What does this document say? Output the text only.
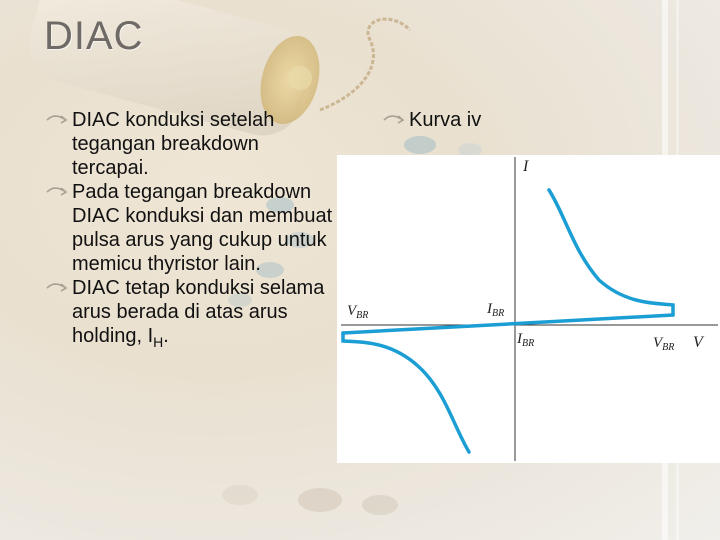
DIAC
DIAC konduksi setelah tegangan breakdown tercapai.
Pada tegangan breakdown DIAC konduksi dan membuat pulsa arus yang cukup untuk memicu thyristor lain.
DIAC tetap konduksi selama arus berada di atas arus holding, $I_H$.
Kurva iv
I
V
$V_{BR}$	$I_{BR}$
$I_{BR}$	$V_{BR}$
